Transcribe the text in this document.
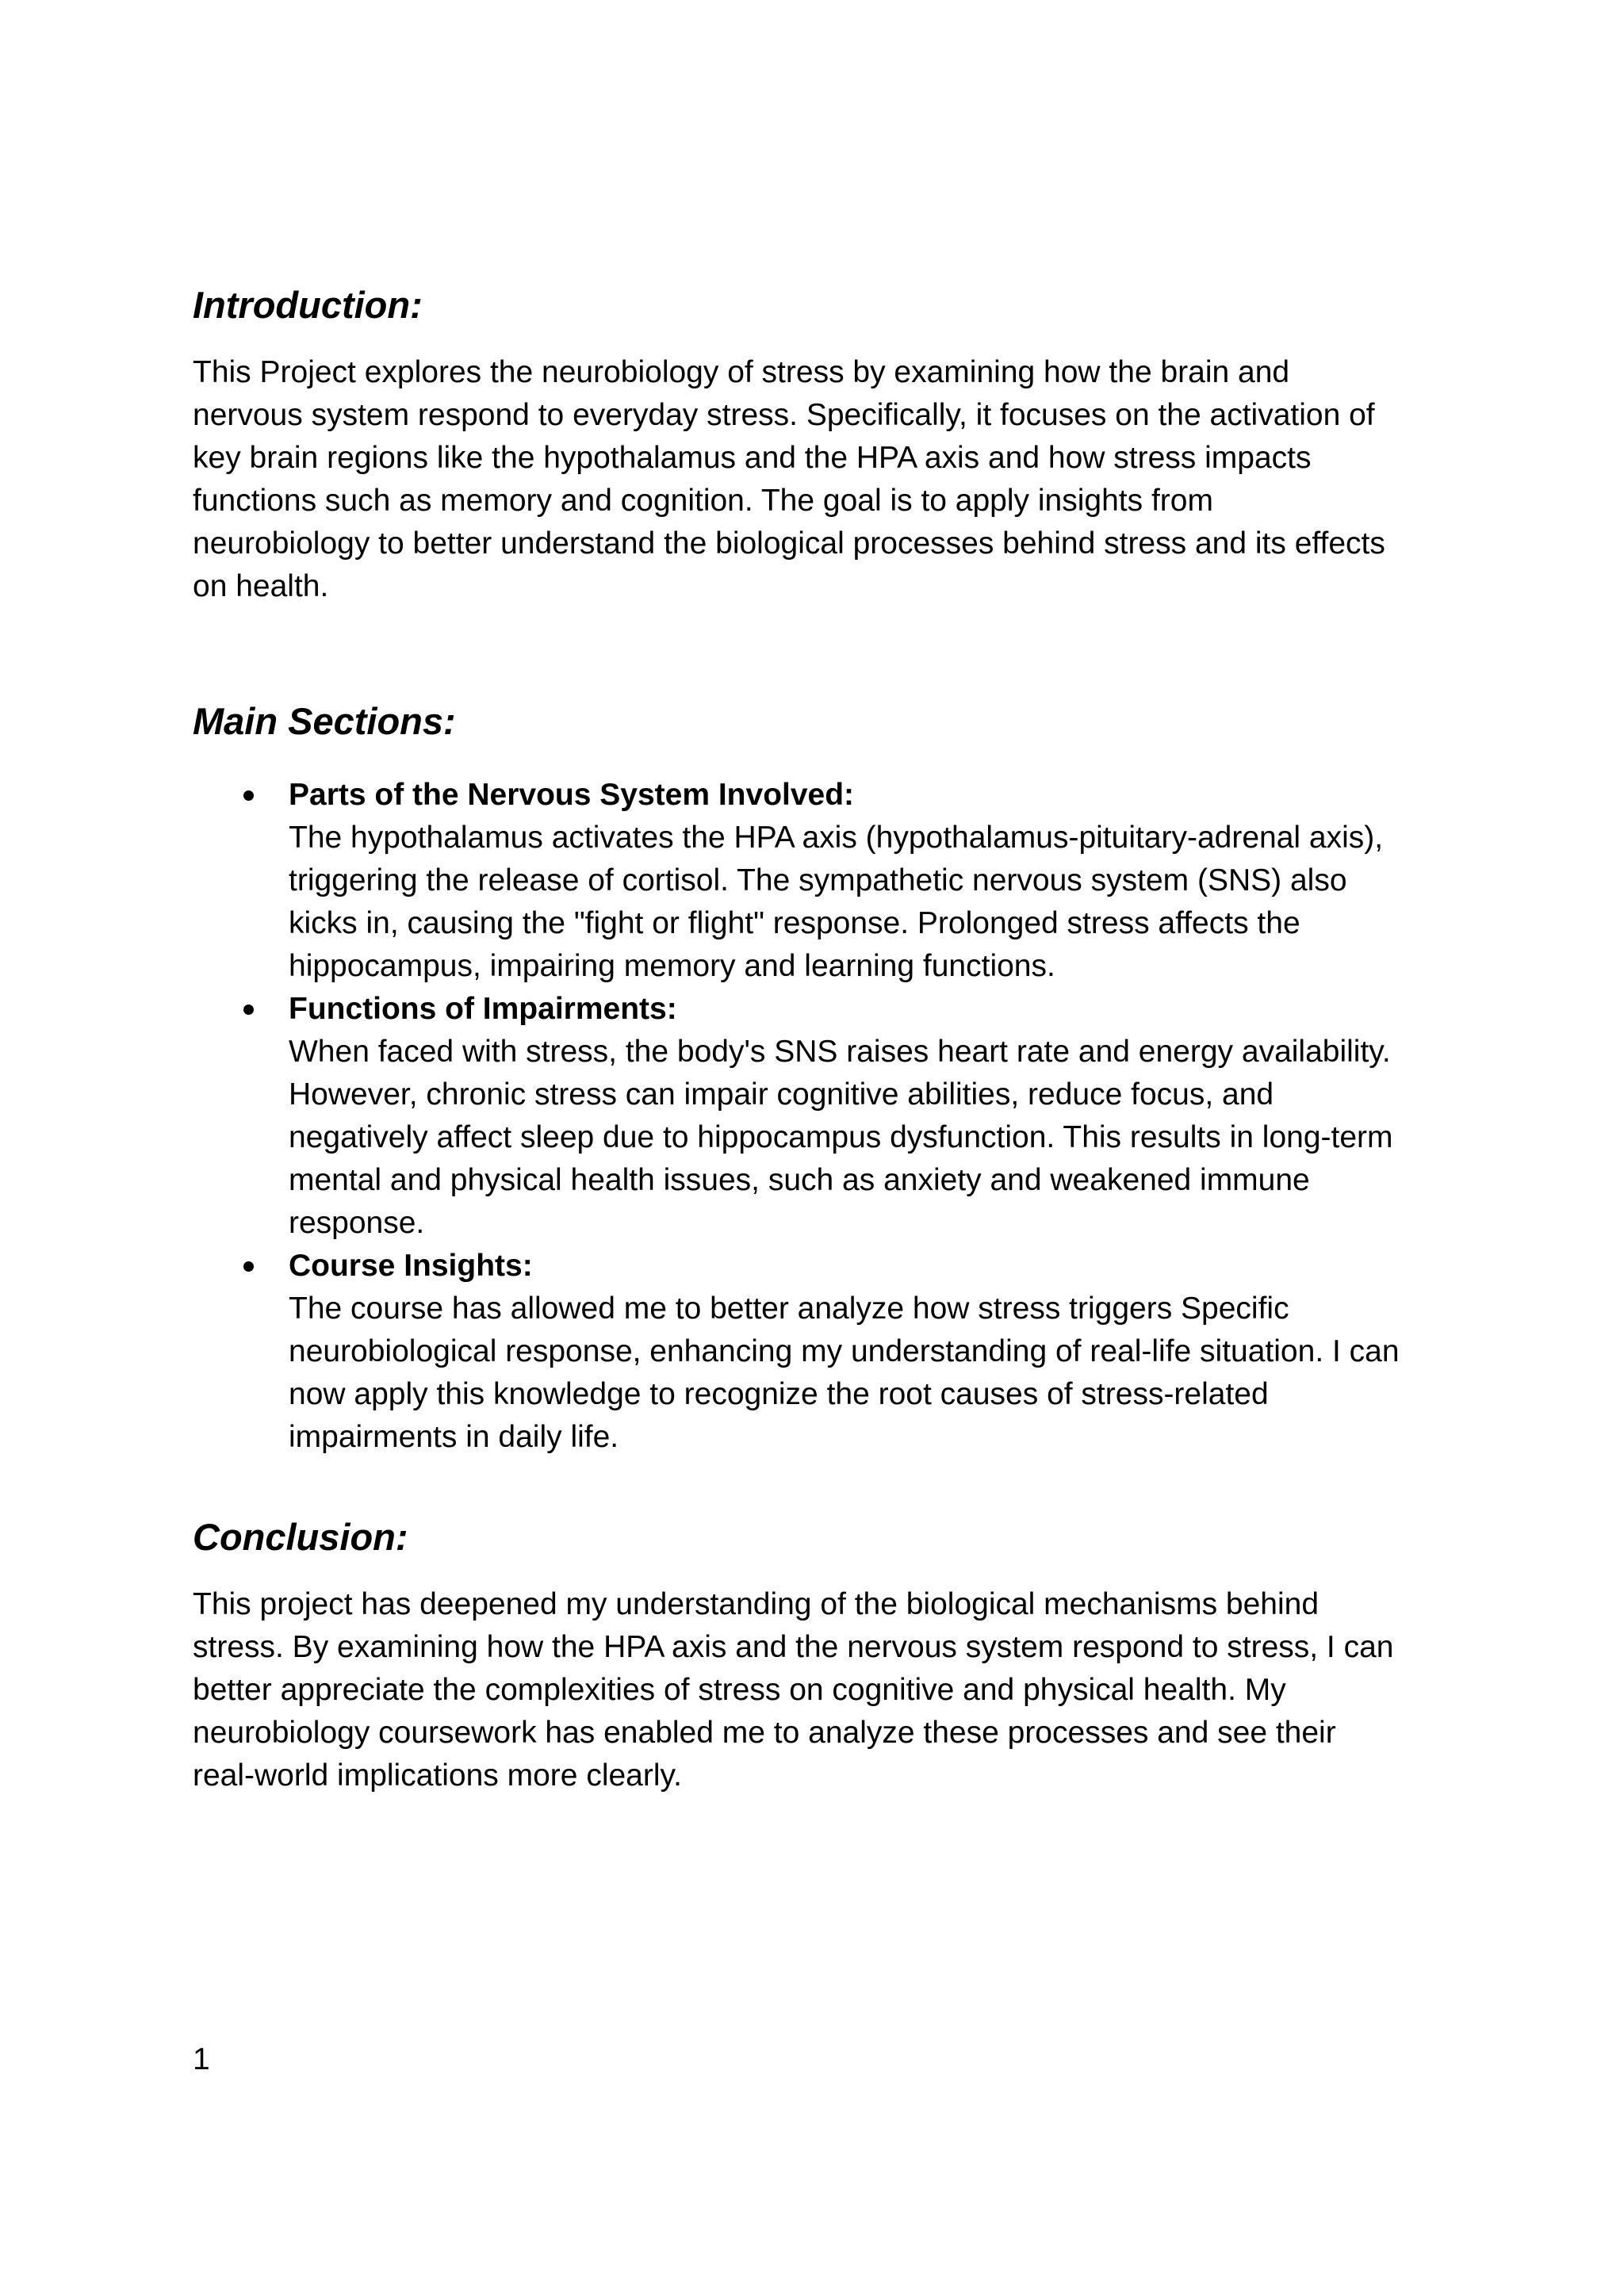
Introduction:

This Project explores the neurobiology of stress by examining how the brain and
nervous system respond to everyday stress. Specifically, it focuses on the activation of
key brain regions like the hypothalamus and the HPA axis and how stress impacts
functions such as memory and cognition. The goal is to apply insights from
neurobiology to better understand the biological processes behind stress and its effects
on health.

Main Sections:
Parts of the Nervous System Involved:
The hypothalamus activates the HPA axis (hypothalamus-pituitary-adrenal axis),
triggering the release of cortisol. The sympathetic nervous system (SNS) also
kicks in, causing the "fight or flight" response. Prolonged stress affects the
hippocampus, impairing memory and learning functions.
Functions of Impairments:
When faced with stress, the body's SNS raises heart rate and energy availability.
However, chronic stress can impair cognitive abilities, reduce focus, and
negatively affect sleep due to hippocampus dysfunction. This results in long-term
mental and physical health issues, such as anxiety and weakened immune
response.
Course Insights:
The course has allowed me to better analyze how stress triggers Specific
neurobiological response, enhancing my understanding of real-life situation. I can
now apply this knowledge to recognize the root causes of stress-related
impairments in daily life.
Conclusion:

This project has deepened my understanding of the biological mechanisms behind
stress. By examining how the HPA axis and the nervous system respond to stress, I can
better appreciate the complexities of stress on cognitive and physical health. My
neurobiology coursework has enabled me to analyze these processes and see their
real-world implications more clearly.

1
